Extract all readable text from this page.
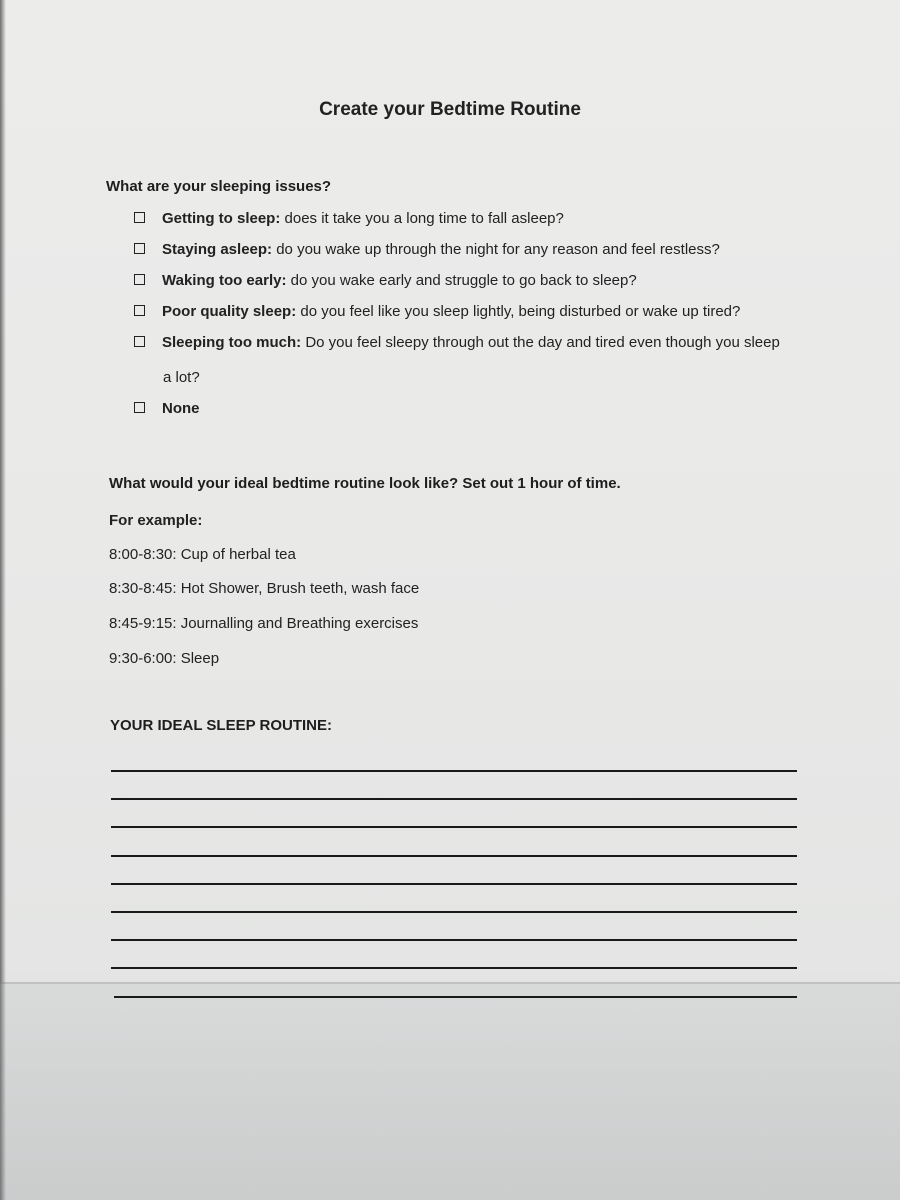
Create your Bedtime Routine
What are your sleeping issues?
Getting to sleep: does it take you a long time to fall asleep?
Staying asleep: do you wake up through the night for any reason and feel restless?
Waking too early: do you wake early and struggle to go back to sleep?
Poor quality sleep: do you feel like you sleep lightly, being disturbed or wake up tired?
Sleeping too much: Do you feel sleepy through out the day and tired even though you sleep
a lot?
None
What would your ideal bedtime routine look like? Set out 1 hour of time.
For example:
8:00-8:30: Cup of herbal tea
8:30-8:45: Hot Shower, Brush teeth, wash face
8:45-9:15: Journalling and Breathing exercises
9:30-6:00: Sleep
YOUR IDEAL SLEEP ROUTINE:
